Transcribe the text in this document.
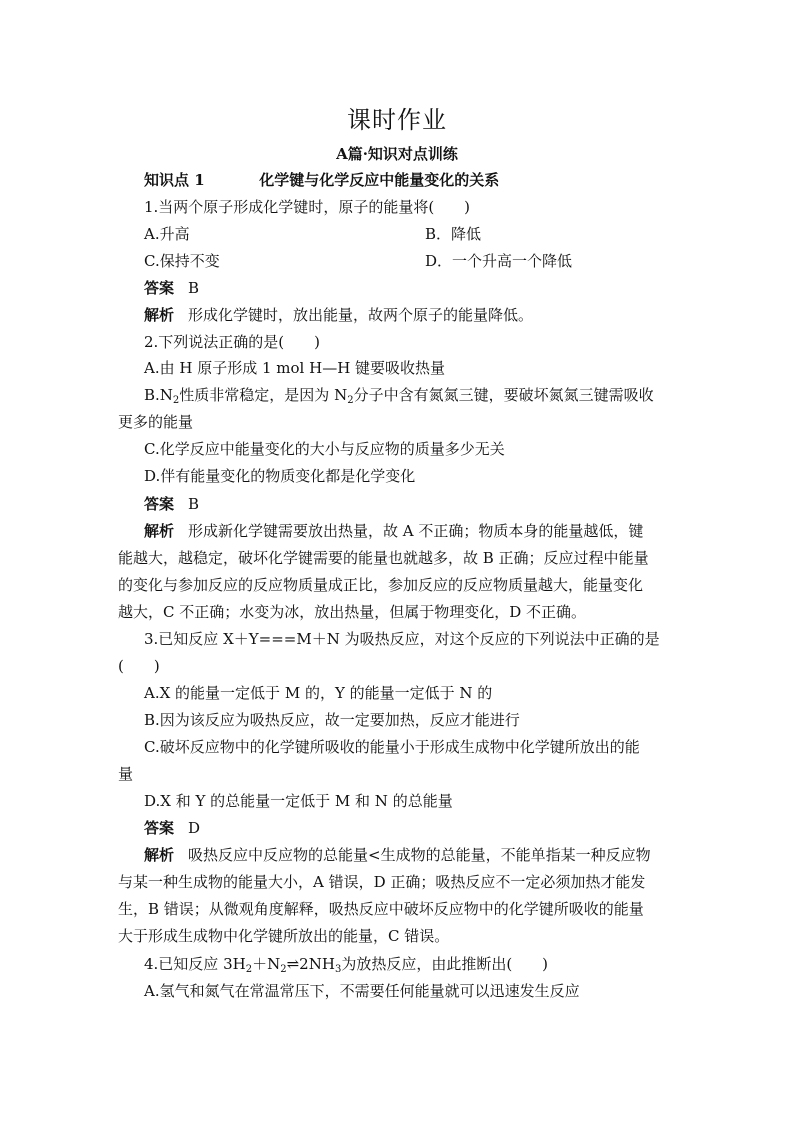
课时作业
A篇·知识对点训练
知识点 1	化学键与化学反应中能量变化的关系
1.当两个原子形成化学键时，原子的能量将(　　)
A.升高	B．降低
C.保持不变	D．一个升高一个降低
答案 B
解析 形成化学键时，放出能量，故两个原子的能量降低。
2.下列说法正确的是(　　)
A.由 H 原子形成 1 mol H—H 键要吸收热量
$B.N_2$性质非常稳定，是因为 $N_2$分子中含有氮氮三键，要破坏氮氮三键需吸收
更多的能量
C.化学反应中能量变化的大小与反应物的质量多少无关
D.伴有能量变化的物质变化都是化学变化
答案 B
解析 形成新化学键需要放出热量，故 A 不正确；物质本身的能量越低，键
能越大，越稳定，破坏化学键需要的能量也就越多，故 B 正确；反应过程中能量
的变化与参加反应的反应物质量成正比，参加反应的反应物质量越大，能量变化
越大，C 不正确；水变为冰，放出热量，但属于物理变化，D 不正确。
3.已知反应 X＋Y===M＋N 为吸热反应，对这个反应的下列说法中正确的是
(　　)
A.X 的能量一定低于 M 的，Y 的能量一定低于 N 的
B.因为该反应为吸热反应，故一定要加热，反应才能进行
C.破坏反应物中的化学键所吸收的能量小于形成生成物中化学键所放出的能
量
D.X 和 Y 的总能量一定低于 M 和 N 的总能量
答案 D
解析 吸热反应中反应物的总能量<生成物的总能量，不能单指某一种反应物
与某一种生成物的能量大小，A 错误，D 正确；吸热反应不一定必须加热才能发
生，B 错误；从微观角度解释，吸热反应中破坏反应物中的化学键所吸收的能量
大于形成生成物中化学键所放出的能量，C 错误。
4.已知反应 $3H_2+N_2\rightleftharpoons 2NH_3$为放热反应，由此推断出(　　)
A.氢气和氮气在常温常压下，不需要任何能量就可以迅速发生反应
